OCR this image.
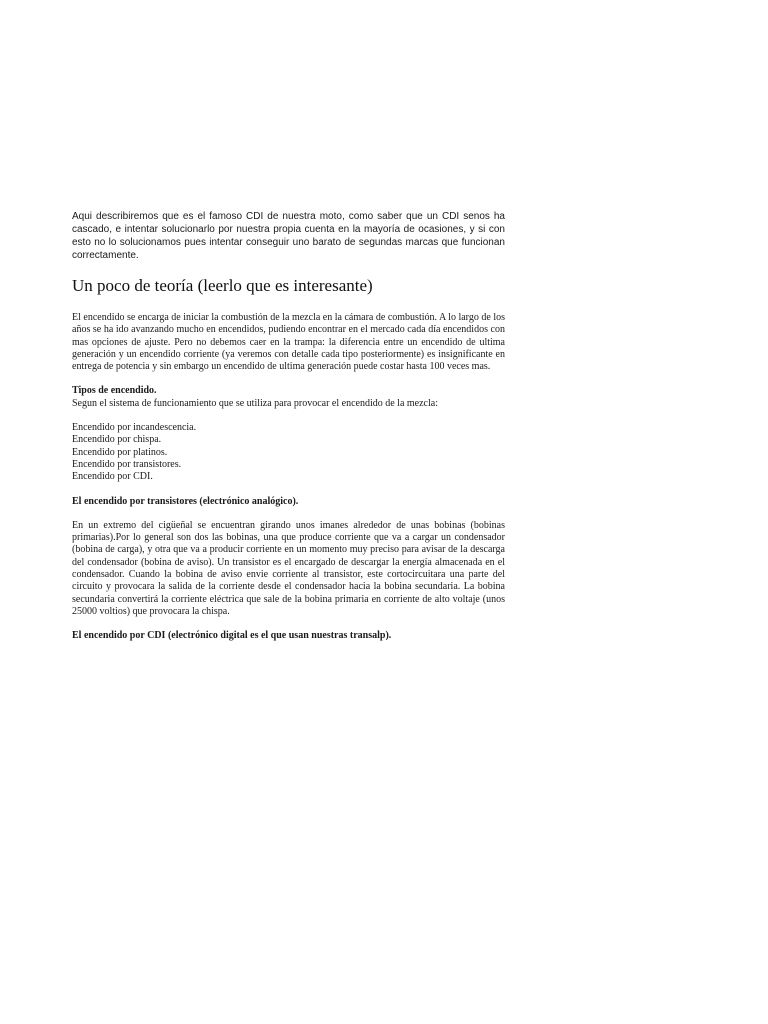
Aqui describiremos que es el famoso CDI de nuestra moto, como saber que un CDI senos ha cascado, e intentar solucionarlo por nuestra propia cuenta en la mayoría de ocasiones, y si con esto no lo solucionamos pues intentar conseguir uno barato de segundas marcas que funcionan correctamente.

Un poco de teoría (leerlo que es interesante)

El encendido se encarga de iniciar la combustión de la mezcla en la cámara de combustión. A lo largo de los años se ha ido avanzando mucho en encendidos, pudiendo encontrar en el mercado cada día encendidos con mas opciones de ajuste. Pero no debemos caer en la trampa: la diferencia entre un encendido de ultima generación y un encendido corriente (ya veremos con detalle cada tipo posteriormente) es insignificante en entrega de potencia y sin embargo un encendido de ultima generación puede costar hasta 100 veces mas.

Tipos de encendido.
Segun el sistema de funcionamiento que se utiliza para provocar el encendido de la mezcla:
Encendido por incandescencia.
Encendido por chispa.
Encendido por platinos.
Encendido por transistores.
Encendido por CDI.

El encendido por transistores (electrónico analógico).

En un extremo del cigüeñal se encuentran girando unos imanes alrededor de unas bobinas (bobinas primarias).Por lo general son dos las bobinas, una que produce corriente que va a cargar un condensador (bobina de carga), y otra que va a producir corriente en un momento muy preciso para avisar de la descarga del condensador (bobina de aviso). Un transistor es el encargado de descargar la energía almacenada en el condensador. Cuando la bobina de aviso envie corriente al transistor, este cortocircuitara una parte del circuito y provocara la salida de la corriente desde el condensador hacia la bobina secundaria. La bobina secundaria convertirá la corriente eléctrica que sale de la bobina primaria en corriente de alto voltaje (unos 25000 voltios) que provocara la chispa.

El encendido por CDI (electrónico digital es el que usan nuestras transalp).
